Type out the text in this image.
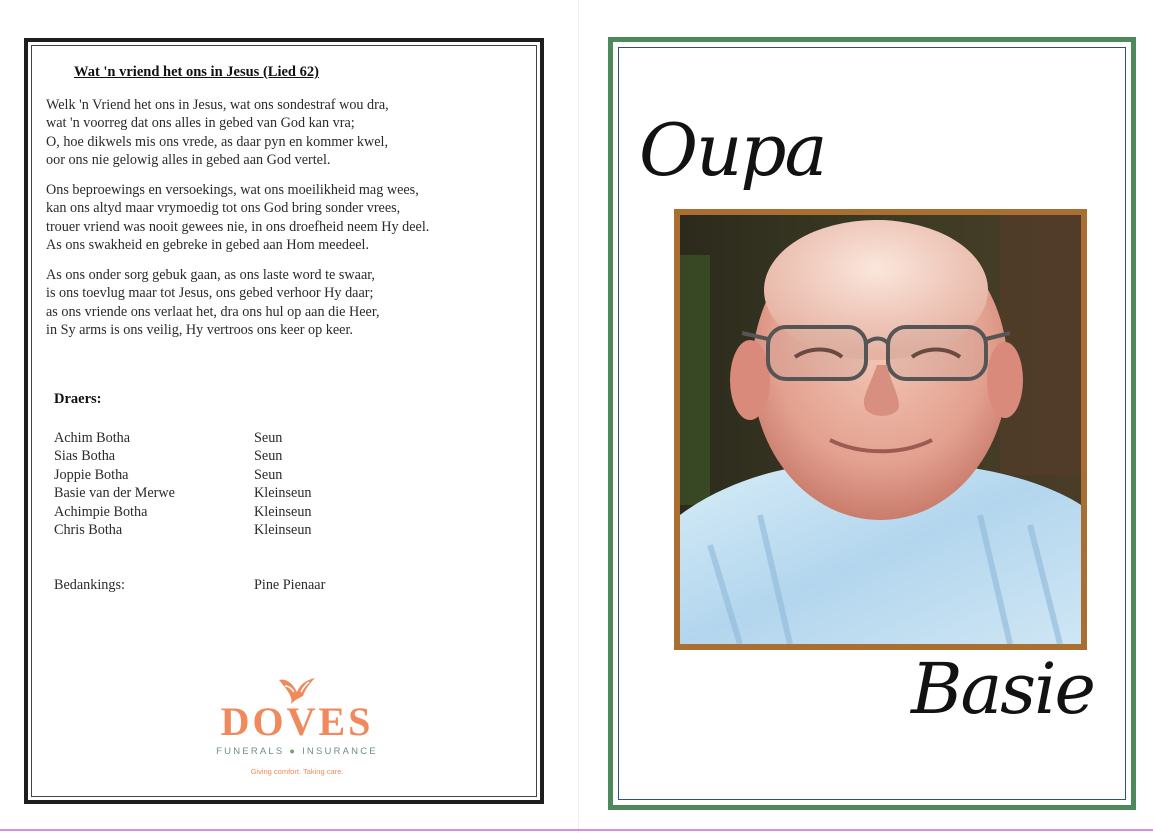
Wat 'n vriend het ons in Jesus (Lied 62)
Welk 'n Vriend het ons in Jesus, wat ons sondestraf wou dra,
wat 'n voorreg dat ons alles in gebed van God kan vra;
O, hoe dikwels mis ons vrede, as daar pyn en kommer kwel,
oor ons nie gelowig alles in gebed aan God vertel.
Ons beproewings en versoekings, wat ons moeilikheid mag wees,
kan ons altyd maar vrymoedig tot ons God bring sonder vrees,
trouer vriend was nooit gewees nie, in ons droefheid neem Hy deel.
As ons swakheid en gebreke in gebed aan Hom meedeel.
As ons onder sorg gebuk gaan, as ons laste word te swaar,
is ons toevlug maar tot Jesus, ons gebed verhoor Hy daar;
as ons vriende ons verlaat het, dra ons hul op aan die Heer,
in Sy arms is ons veilig, Hy vertroos ons keer op keer.
Draers:
Achim Botha	Seun
Sias Botha	Seun
Joppie Botha	Seun
Basie van der Merwe	Kleinseun
Achimpie Botha	Kleinseun
Chris Botha	Kleinseun
Bedankings:	Pine Pienaar
DOVES
FUNERALS ● INSURANCE
Giving comfort. Taking care.
Oupa
Basie
